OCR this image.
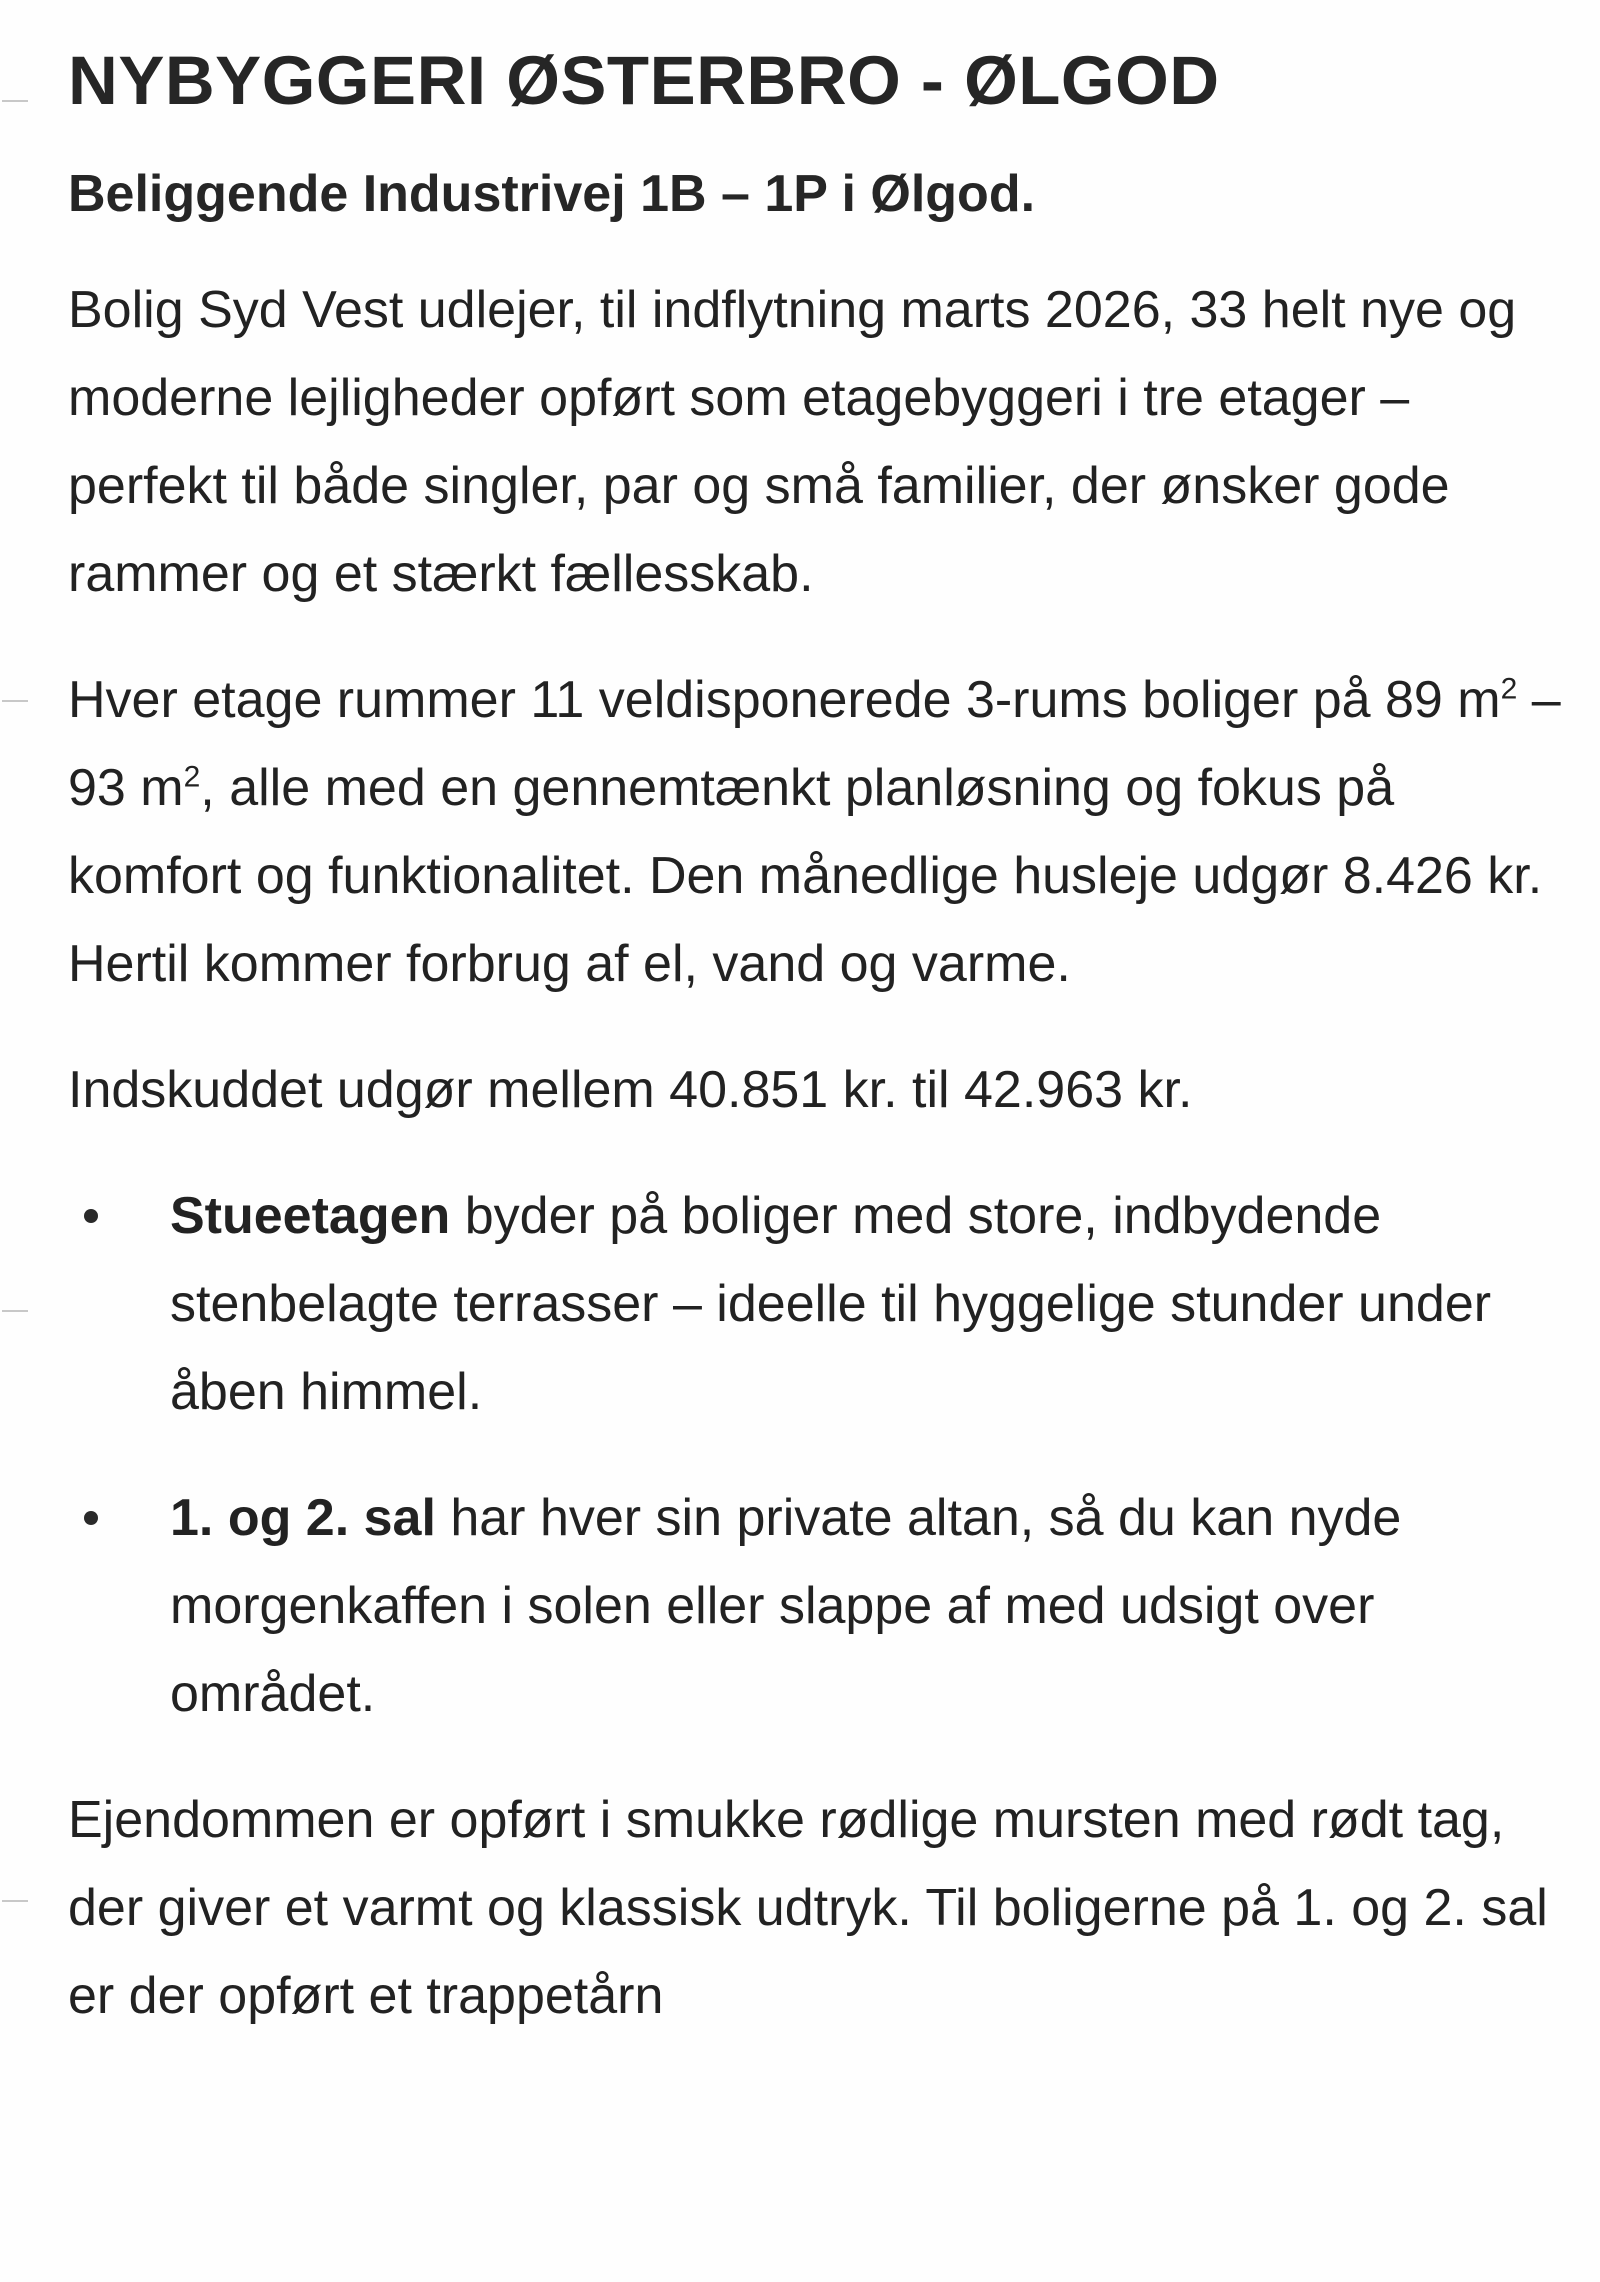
NYBYGGERI ØSTERBRO - ØLGOD

Beliggende Industrivej 1B – 1P i Ølgod.

Bolig Syd Vest udlejer, til indflytning marts 2026, 33 helt nye og moderne lejligheder opført som etagebyggeri i tre etager – perfekt til både singler, par og små familier, der ønsker gode rammer og et stærkt fællesskab.

Hver etage rummer 11 veldisponerede 3-rums boliger på 89 $m^2 - 93$ $m^2$, alle med en gennemtænkt planløsning og fokus på komfort og funktionalitet. Den månedlige husleje udgør 8.426 kr. Hertil kommer forbrug af el, vand og varme.

Indskuddet udgør mellem 40.851 kr. til 42.963 kr.

Stueetagen byder på boliger med store, indbydende stenbelagte terrasser – ideelle til hyggelige stunder under åben himmel.
1. og 2. sal har hver sin private altan, så du kan nyde morgenkaffen i solen eller slappe af med udsigt over området.

Ejendommen er opført i smukke rødlige mursten med rødt tag, der giver et varmt og klassisk udtryk. Til boligerne på 1. og 2. sal er der opført et trappetårn
